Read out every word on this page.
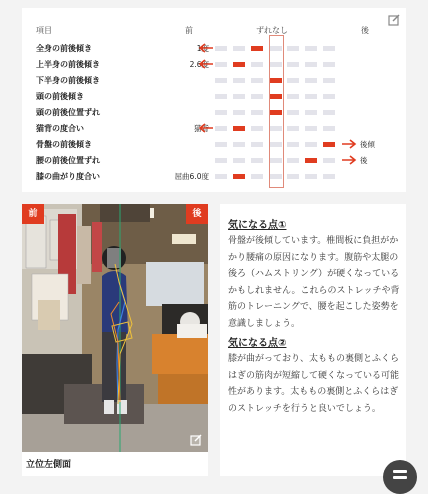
項目	前	ずれなし	後
全身の前後傾き	1度
上半身の前後傾き	2.6度
下半身の前後傾き
頭の前後傾き
頭の前後位置ずれ
猫背の度合い	猫背
骨盤の前後傾き	後傾
腰の前後位置ずれ	後
膝の曲がり度合い	屈曲6.0度
前	後
立位左側面
気になる点①
骨盤が後傾しています。椎間板に負担がかかり腰痛の原因になります。腹筋や太腿の後ろ（ハムストリング）が硬くなっているかもしれません。これらのストレッチや背筋のトレーニングで、腰を起こした姿勢を意識しましょう。
気になる点②
膝が曲がっており、太ももの裏側とふくらはぎの筋肉が短縮して硬くなっている可能性があります。太ももの裏側とふくらはぎのストレッチを行うと良いでしょう。
